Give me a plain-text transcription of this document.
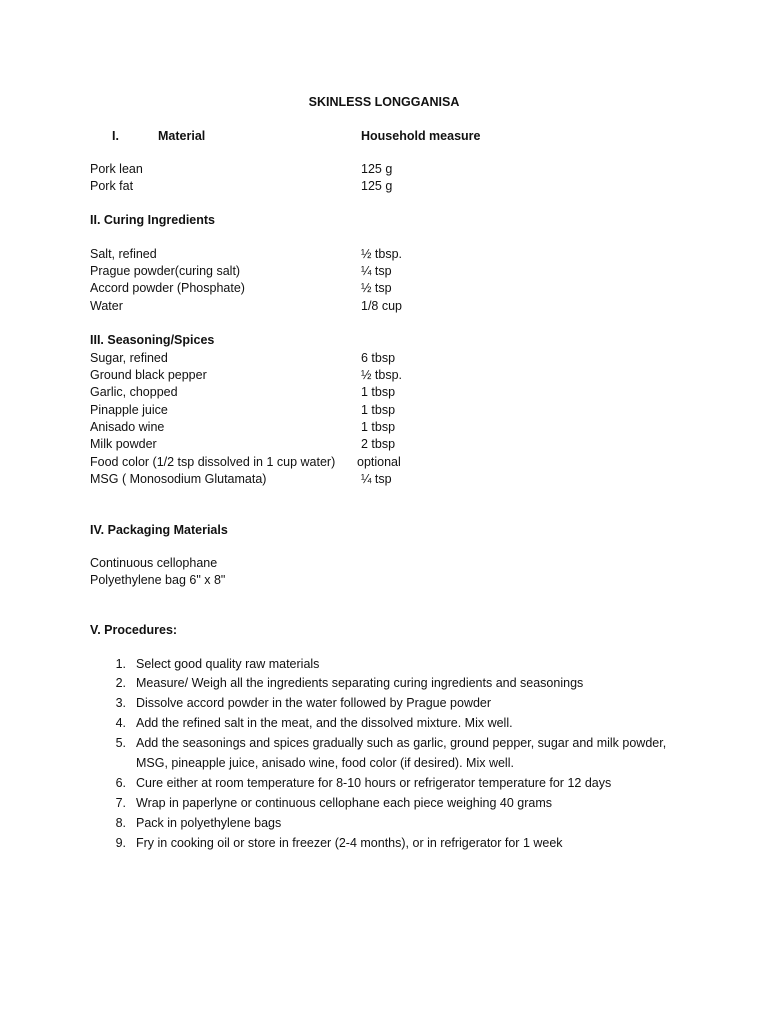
SKINLESS LONGGANISA
I.	Material	Household measure
Pork lean	125 g
Pork fat	125 g
II. Curing Ingredients
Salt, refined	½ tbsp.
Prague powder(curing salt)	¼ tsp
Accord powder (Phosphate)	½ tsp
Water	1/8 cup
III. Seasoning/Spices
Sugar, refined	6 tbsp
Ground black pepper	½ tbsp.
Garlic, chopped	1 tbsp
Pinapple juice	1 tbsp
Anisado wine	1 tbsp
Milk powder	2 tbsp
Food color (1/2 tsp dissolved in 1 cup water) optional
MSG ( Monosodium Glutamata)	¼ tsp
IV. Packaging Materials
Continuous cellophane
Polyethylene bag 6" x 8"
V. Procedures:
1. Select good quality raw materials
2. Measure/ Weigh all the ingredients separating curing ingredients and seasonings
3. Dissolve accord powder in the water followed by Prague powder
4. Add the refined salt in the meat, and the dissolved mixture. Mix well.
5. Add the seasonings and spices gradually such as garlic, ground pepper, sugar and milk powder,
MSG, pineapple juice, anisado wine, food color (if desired). Mix well.
6. Cure either at room temperature for 8-10 hours or refrigerator temperature for 12 days
7. Wrap in paperlyne or continuous cellophane each piece weighing 40 grams
8. Pack in polyethylene bags
9. Fry in cooking oil or store in freezer (2-4 months), or in refrigerator for 1 week
